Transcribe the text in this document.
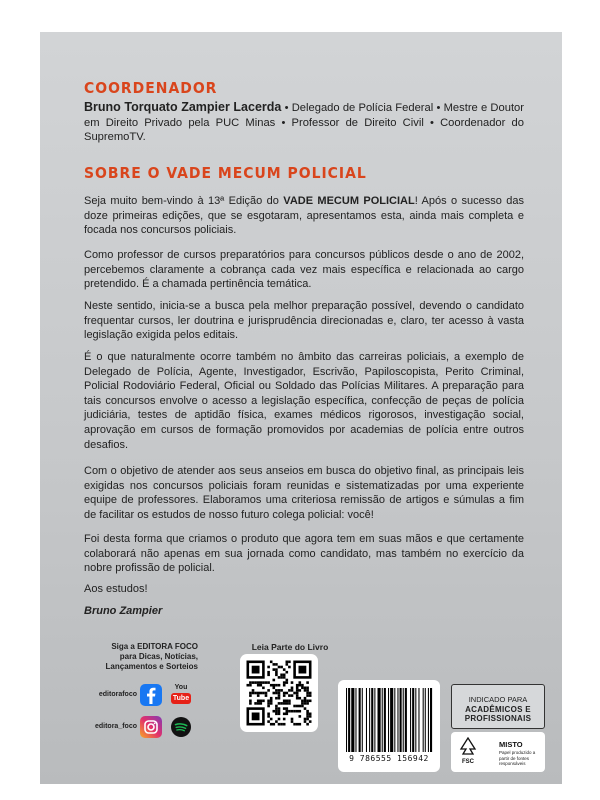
COORDENADOR
Bruno Torquato Zampier Lacerda • Delegado de Polícia Federal • Mestre e Doutor em Direito Privado pela PUC Minas • Professor de Direito Civil • Coordenador do SupremoTV.
SOBRE O VADE MECUM POLICIAL
Seja muito bem-vindo à 13ª Edição do VADE MECUM POLICIAL! Após o sucesso das doze primeiras edições, que se esgotaram, apresentamos esta, ainda mais completa e focada nos concursos policiais.
Como professor de cursos preparatórios para concursos públicos desde o ano de 2002, percebemos claramente a cobrança cada vez mais específica e relacionada ao cargo pretendido. É a chamada pertinência temática.
Neste sentido, inicia-se a busca pela melhor preparação possível, devendo o candidato frequentar cursos, ler doutrina e jurisprudência direcionadas e, claro, ter acesso à vasta legislação exigida pelos editais.
É o que naturalmente ocorre também no âmbito das carreiras policiais, a exemplo de Delegado de Polícia, Agente, Investigador, Escrivão, Papiloscopista, Perito Criminal, Policial Rodoviário Federal, Oficial ou Soldado das Polícias Militares. A preparação para tais concursos envolve o acesso a legislação específica, confecção de peças de polícia judiciária, testes de aptidão física, exames médicos rigorosos, investigação social, aprovação em cursos de formação promovidos por academias de polícia entre outros desafios.
Com o objetivo de atender aos seus anseios em busca do objetivo final, as principais leis exigidas nos concursos policiais foram reunidas e sistematizadas por uma experiente equipe de professores. Elaboramos uma criteriosa remissão de artigos e súmulas a fim de facilitar os estudos de nosso futuro colega policial: você!
Foi desta forma que criamos o produto que agora tem em suas mãos e que certamente colaborará não apenas em sua jornada como candidato, mas também no exercício da nobre profissão de policial.
Aos estudos!
Bruno Zampier
Siga a EDITORA FOCO
para Dicas, Notícias,
Lançamentos e Sorteios
editorafoco
editora_foco
You
Tube
Leia Parte do Livro
9 786555 156942
INDICADO PARA
ACADÊMICOS E
PROFISSIONAIS
FSC
MISTO
Papel produzido a partir de fontes responsáveis
